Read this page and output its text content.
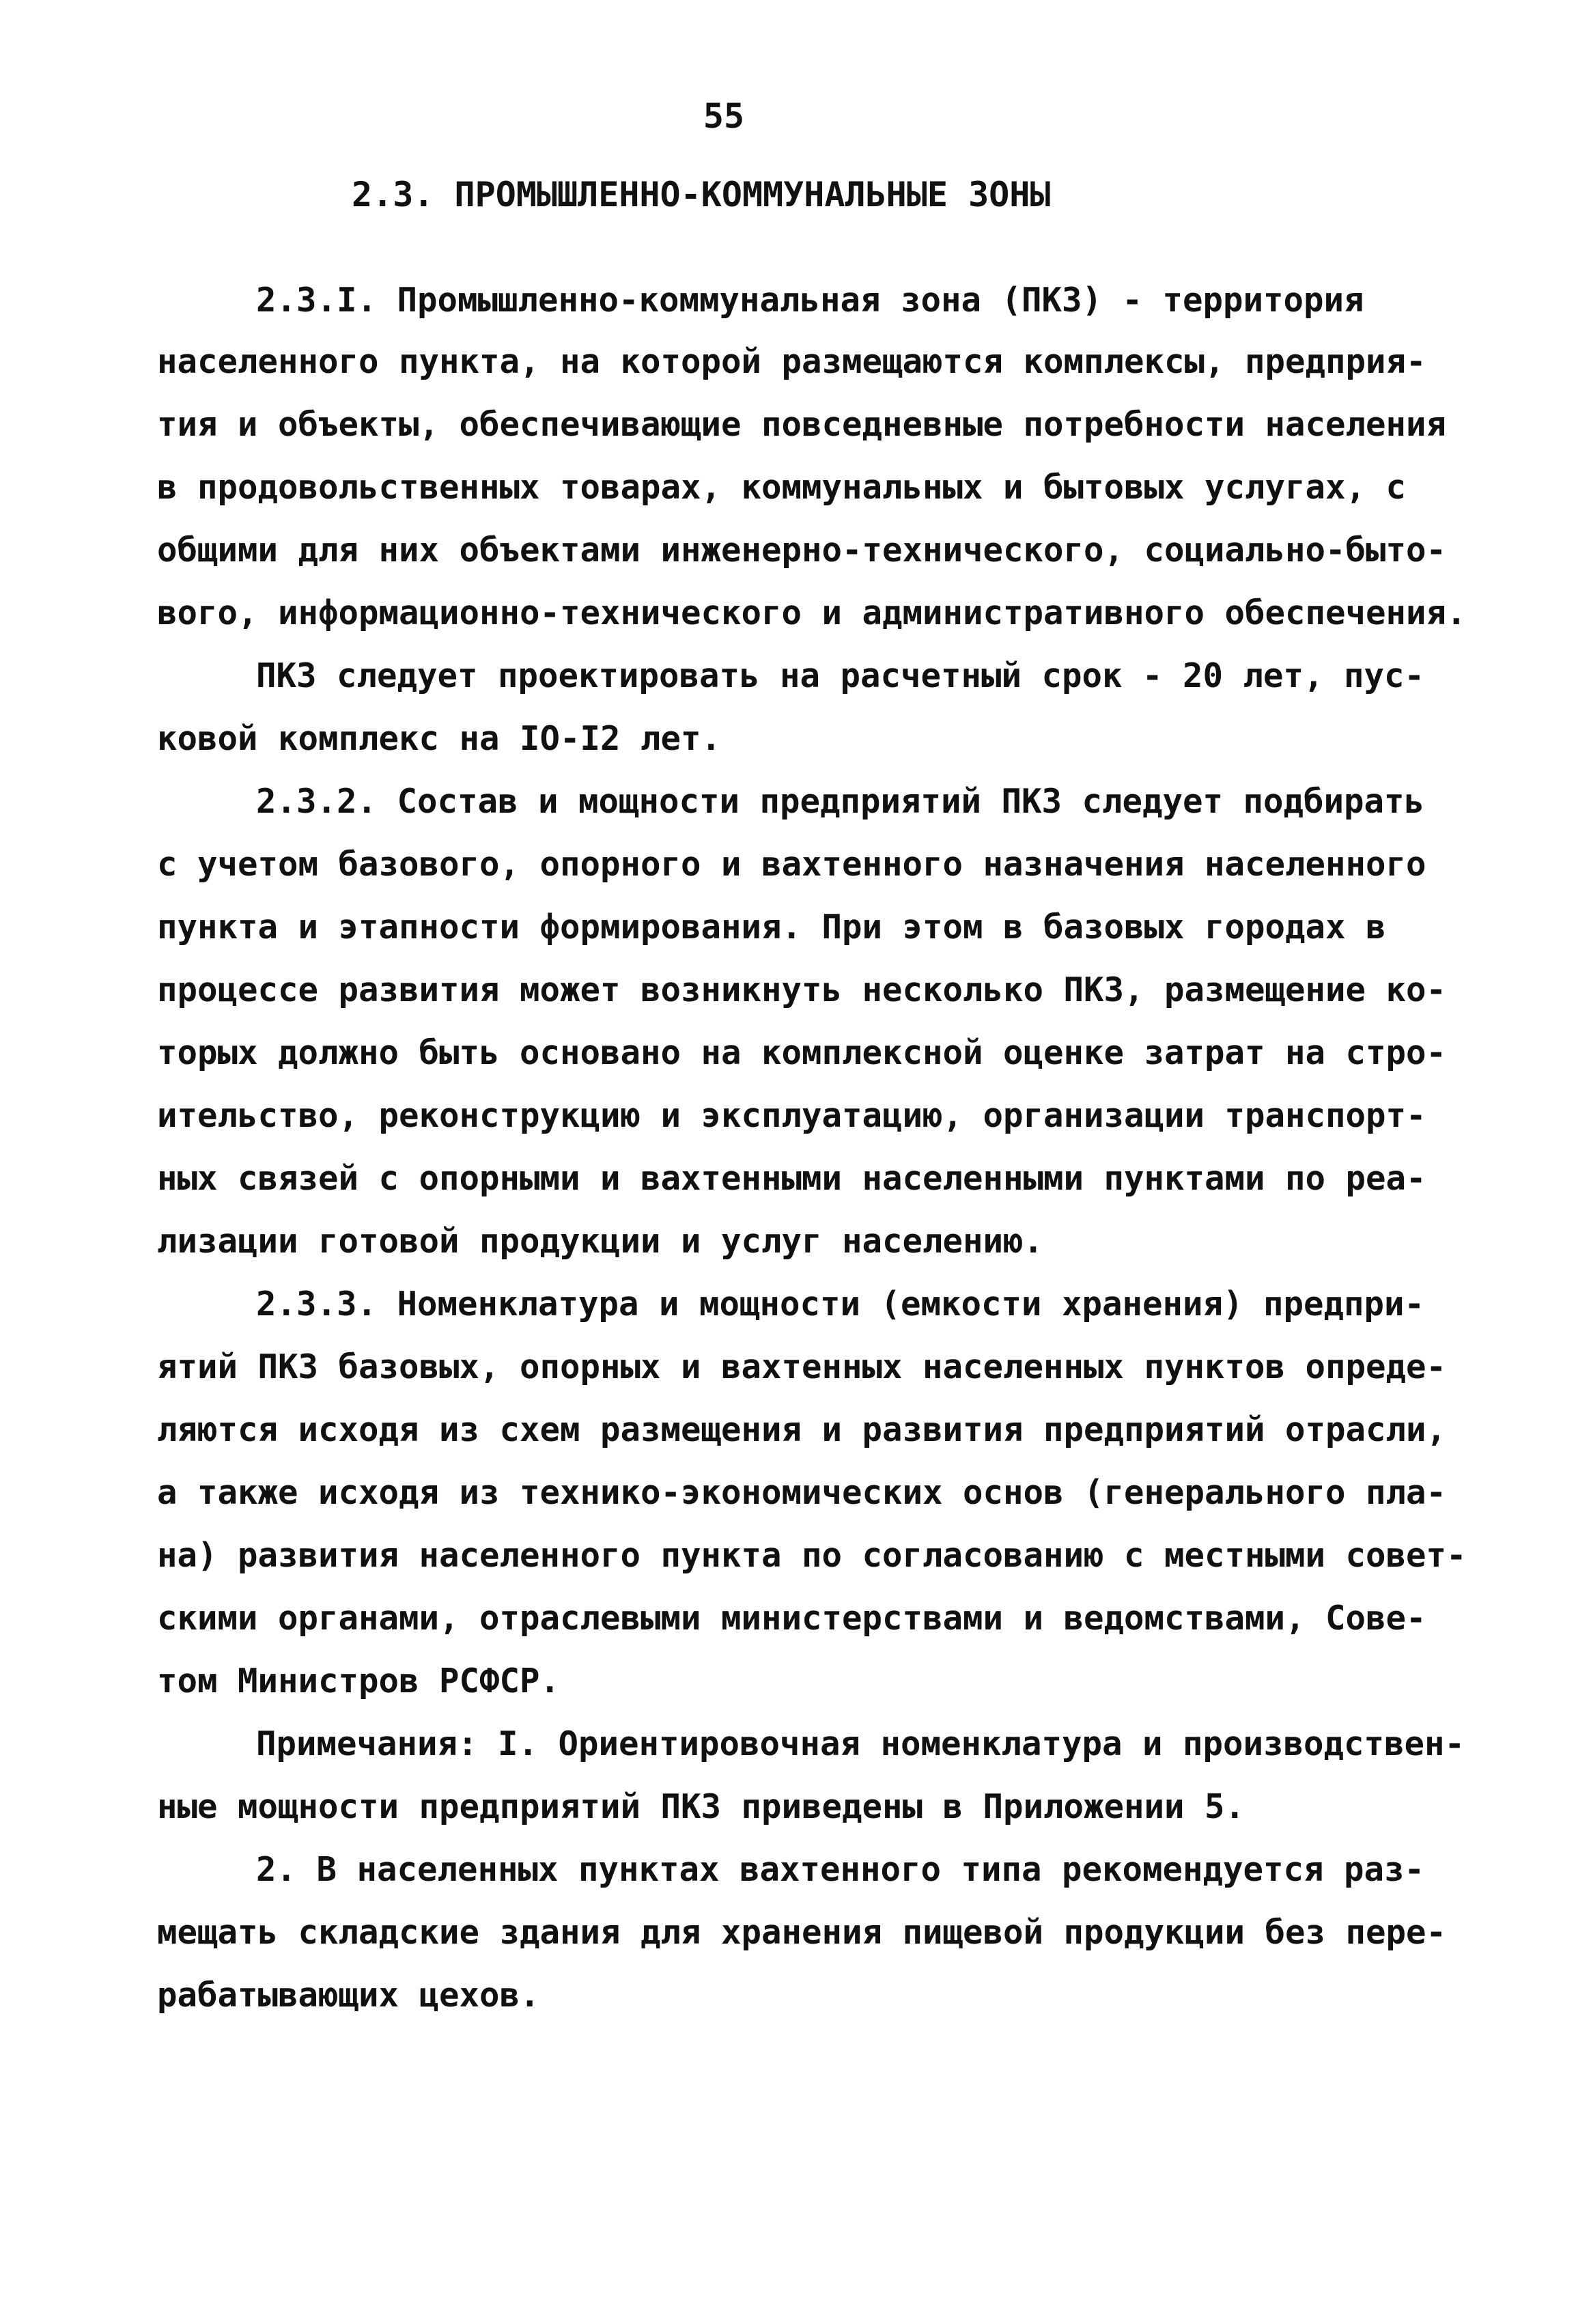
55
2.3. ПРОМЫШЛЕННО-КОММУНАЛЬНЫЕ ЗОНЫ
2.3.I. Промышленно-коммунальная зона (ПКЗ) - территория
населенного пункта, на которой размещаются комплексы, предприя-
тия и объекты, обеспечивающие повседневные потребности населения
в продовольственных товарах, коммунальных и бытовых услугах, с
общими для них объектами инженерно-технического, социально-быто-
вого, информационно-технического и административного обеспечения.
ПКЗ следует проектировать на расчетный срок - 20 лет, пус-
ковой комплекс на IO-I2 лет.
2.3.2. Состав и мощности предприятий ПКЗ следует подбирать
с учетом базового, опорного и вахтенного назначения населенного
пункта и этапности формирования. При этом в базовых городах в
процессе развития может возникнуть несколько ПКЗ, размещение ко-
торых должно быть основано на комплексной оценке затрат на стро-
ительство, реконструкцию и эксплуатацию, организации транспорт-
ных связей с опорными и вахтенными населенными пунктами по реа-
лизации готовой продукции и услуг населению.
2.3.3. Номенклатура и мощности (емкости хранения) предпри-
ятий ПКЗ базовых, опорных и вахтенных населенных пунктов опреде-
ляются исходя из схем размещения и развития предприятий отрасли,
а также исходя из технико-экономических основ (генерального пла-
на) развития населенного пункта по согласованию с местными совет-
скими органами, отраслевыми министерствами и ведомствами, Сове-
том Министров РСФСР.
Примечания: I. Ориентировочная номенклатура и производствен-
ные мощности предприятий ПКЗ приведены в Приложении 5.
2. В населенных пунктах вахтенного типа рекомендуется раз-
мещать складские здания для хранения пищевой продукции без пере-
рабатывающих цехов.
